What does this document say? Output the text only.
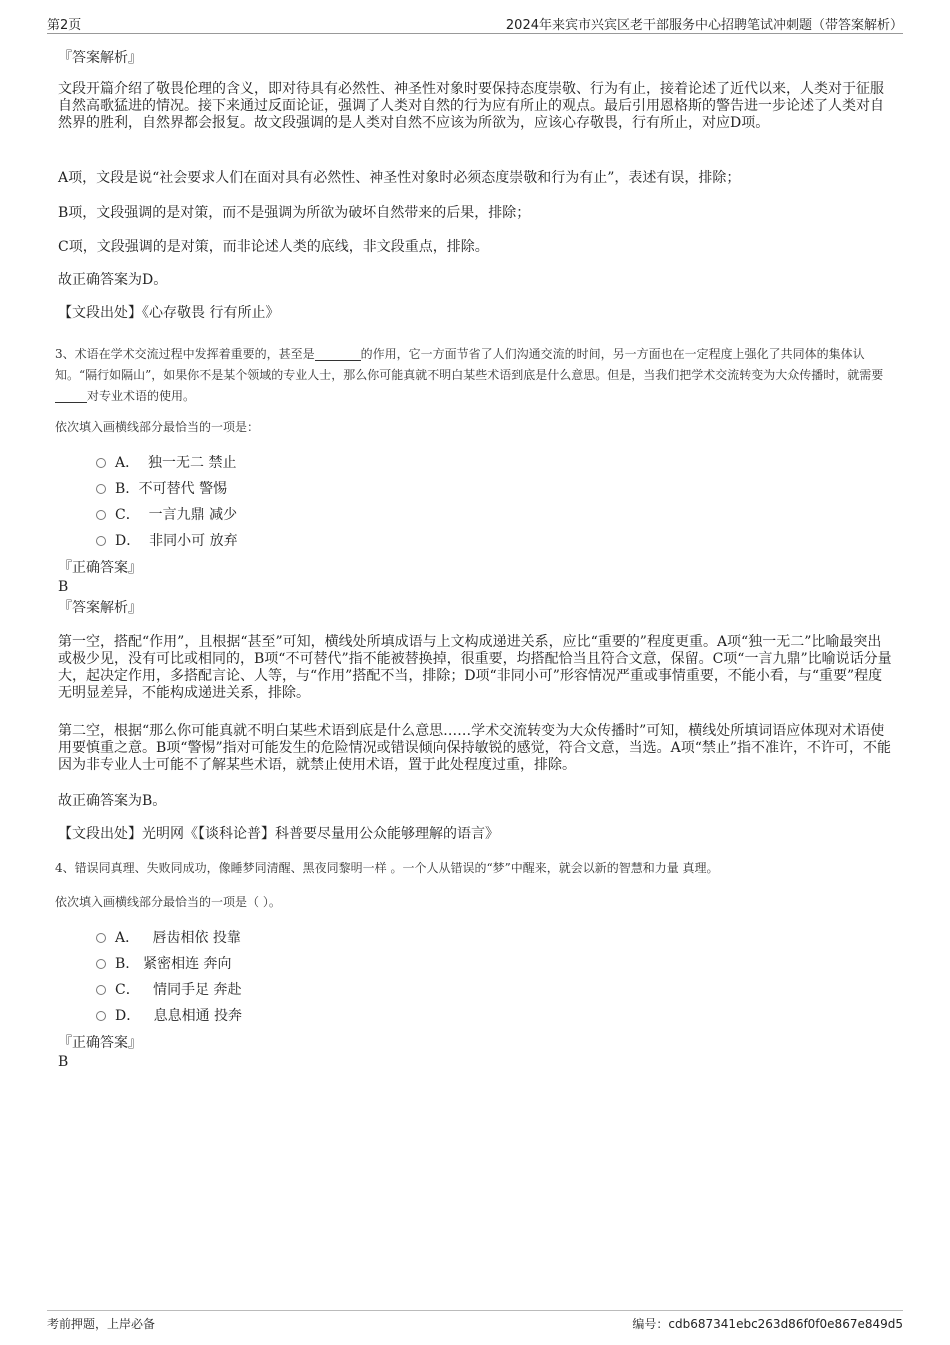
第2页	2024年来宾市兴宾区老干部服务中心招聘笔试冲刺题（带答案解析）
『答案解析』
文段开篇介绍了敬畏伦理的含义，即对待具有必然性、神圣性对象时要保持态度崇敬、行为有止，接着论述了近代以来，人类对于征服自然高歌猛进的情况。接下来通过反面论证，强调了人类对自然的行为应有所止的观点。最后引用恩格斯的警告进一步论述了人类对自然界的胜利，自然界都会报复。故文段强调的是人类对自然不应该为所欲为，应该心存敬畏，行有所止，对应D项。
A项，文段是说“社会要求人们在面对具有必然性、神圣性对象时必须态度崇敬和行为有止”，表述有误，排除；
B项，文段强调的是对策，而不是强调为所欲为破坏自然带来的后果，排除；
C项，文段强调的是对策，而非论述人类的底线，非文段重点，排除。
故正确答案为D。
【文段出处】《心存敬畏 行有所止》
3、术语在学术交流过程中发挥着重要的，甚至是	的作用，它一方面节省了人们沟通交流的时间，另一方面也在一定程度上强化了共同体的集体认知。“隔行如隔山”，如果你不是某个领域的专业人士，那么你可能真就不明白某些术语到底是什么意思。但是，当我们把学术交流转变为大众传播时，就需要对专业术语的使用。
依次填入画横线部分最恰当的一项是：
A． 独一无二 禁止
B. 不可替代 警惕
C． 一言九鼎 减少
D． 非同小可 放弃
『正确答案』
B
『答案解析』
第一空，搭配“作用”，且根据“甚至”可知，横线处所填成语与上文构成递进关系，应比“重要的”程度更重。A项“独一无二”比喻最突出或极少见，没有可比或相同的，B项“不可替代”指不能被替换掉，很重要，均搭配恰当且符合文意，保留。C项“一言九鼎”比喻说话分量大，起决定作用，多搭配言论、人等，与“作用”搭配不当，排除；D项“非同小可”形容情况严重或事情重要，不能小看，与“重要”程度无明显差异，不能构成递进关系，排除。
第二空，根据“那么你可能真就不明白某些术语到底是什么意思……学术交流转变为大众传播时”可知，横线处所填词语应体现对术语使用要慎重之意。B项“警惕”指对可能发生的危险情况或错误倾向保持敏锐的感觉，符合文意，当选。A项“禁止”指不准许，不许可，不能因为非专业人士可能不了解某些术语，就禁止使用术语，置于此处程度过重，排除。
故正确答案为B。
【文段出处】光明网《【谈科论普】科普要尽量用公众能够理解的语言》
4、错误同真理、失败同成功，像睡梦同清醒、黑夜同黎明一样 。一个人从错误的“梦”中醒来，就会以新的智慧和力量 真理。
依次填入画横线部分最恰当的一项是（ ）。
A． 唇齿相依 投靠
B. 紧密相连 奔向
C． 情同手足 奔赴
D． 息息相通 投奔
『正确答案』
B
考前押题，上岸必备	编号：cdb687341ebc263d86f0f0e867e849d5
